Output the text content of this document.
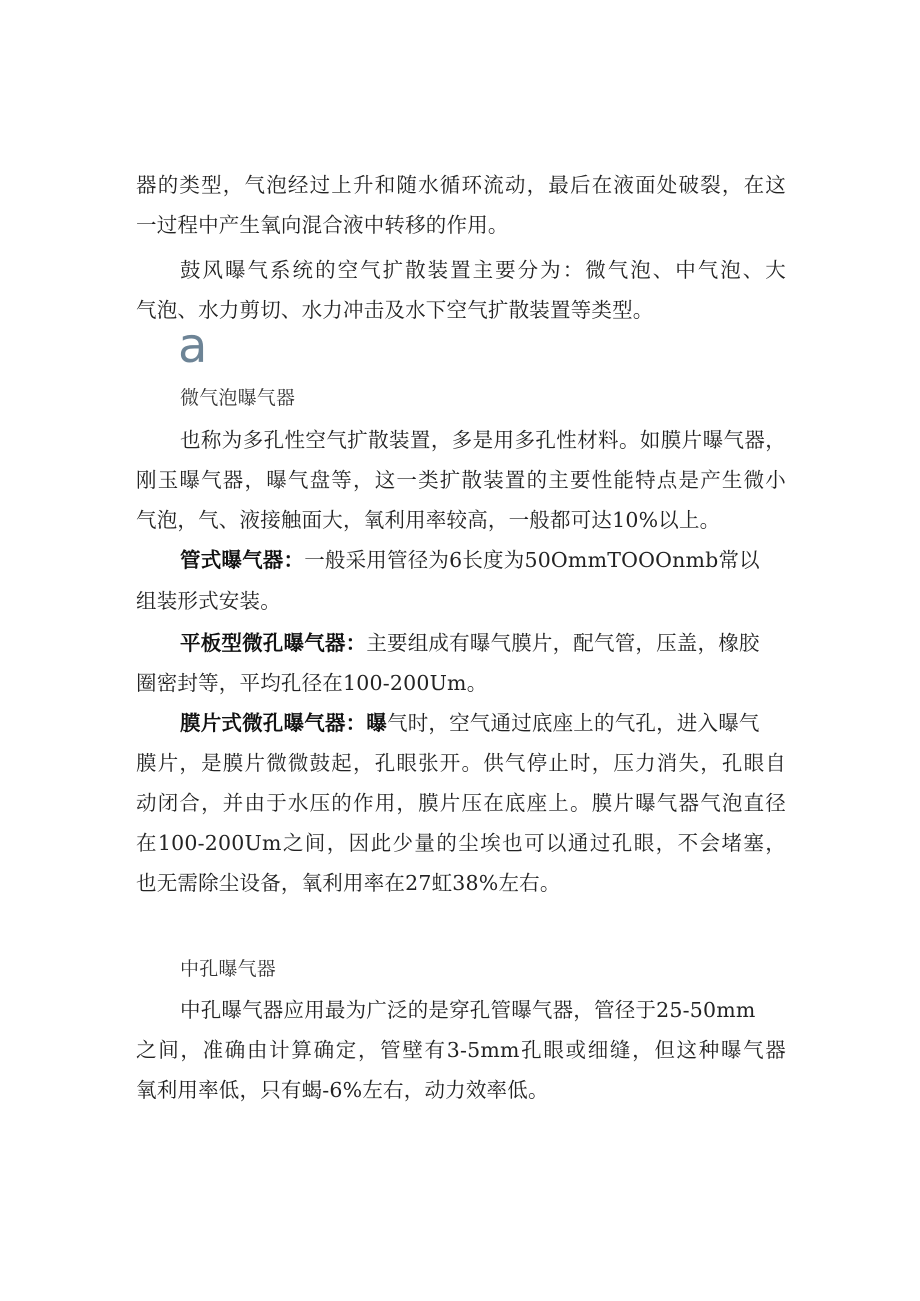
器的类型，气泡经过上升和随水循环流动，最后在液面处破裂，在这
一过程中产生氧向混合液中转移的作用。
鼓风曝气系统的空气扩散装置主要分为：微气泡、中气泡、大
气泡、水力剪切、水力冲击及水下空气扩散装置等类型。
a
微气泡曝气器
也称为多孔性空气扩散装置，多是用多孔性材料。如膜片曝气器，
刚玉曝气器，曝气盘等，这一类扩散装置的主要性能特点是产生微小
气泡，气、液接触面大，氧利用率较高，一般都可达10%以上。
管式曝气器：一般采用管径为6长度为50OmmTOOOnmb常以
组装形式安装。
平板型微孔曝气器：主要组成有曝气膜片，配气管，压盖，橡胶
圈密封等，平均孔径在100-200Um。
膜片式微孔曝气器：曝气时，空气通过底座上的气孔，进入曝气
膜片，是膜片微微鼓起，孔眼张开。供气停止时，压力消失，孔眼自
动闭合，并由于水压的作用，膜片压在底座上。膜片曝气器气泡直径
在100-200Um之间，因此少量的尘埃也可以通过孔眼，不会堵塞，
也无需除尘设备，氧利用率在27虹38%左右。
中孔曝气器
中孔曝气器应用最为广泛的是穿孔管曝气器，管径于25-50mm
之间，准确由计算确定，管壁有3-5mm孔眼或细缝，但这种曝气器
氧利用率低，只有蝎-6%左右，动力效率低。
